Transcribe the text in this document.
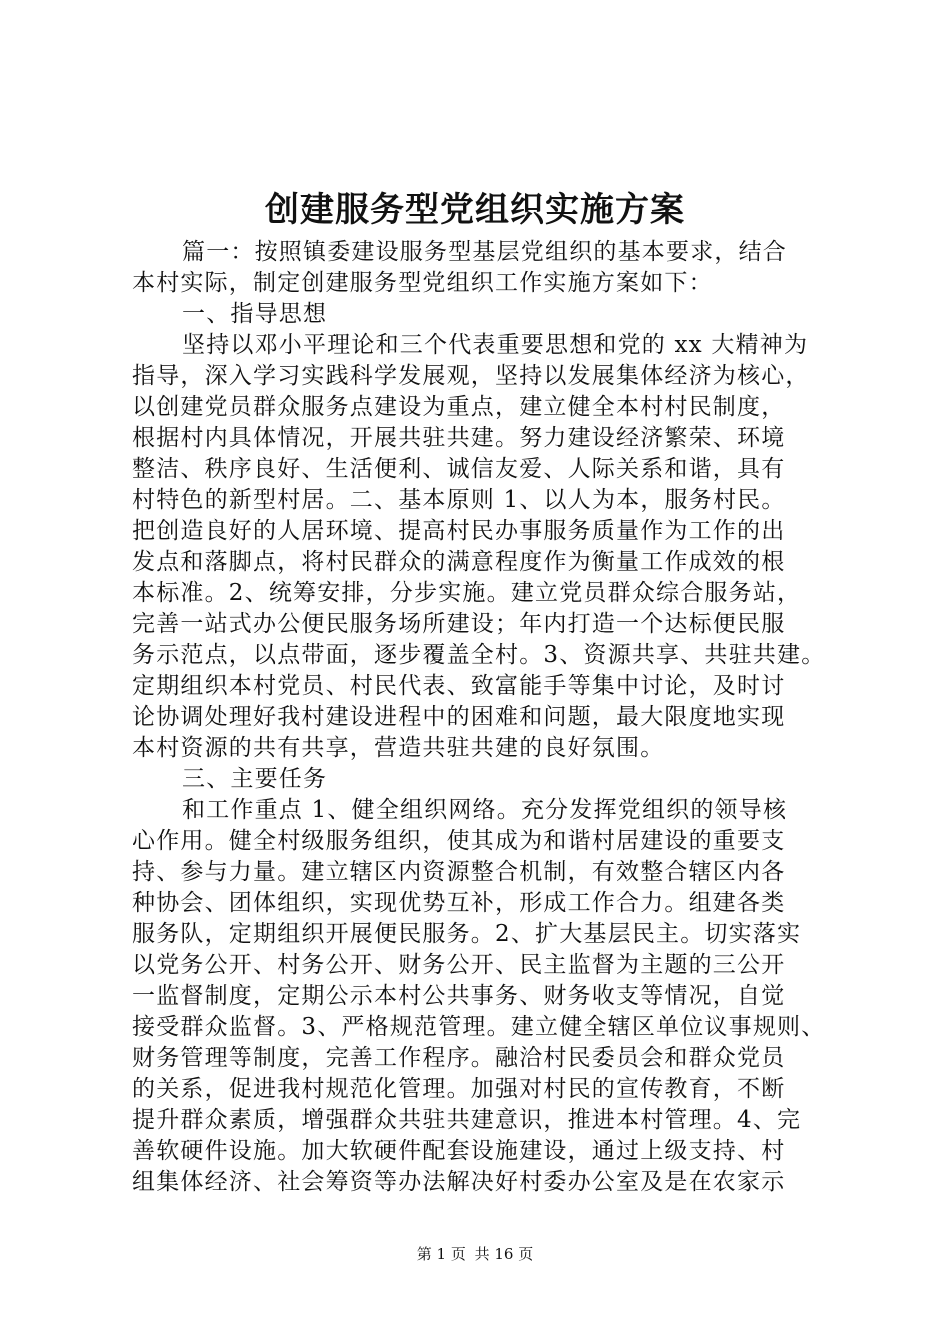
创建服务型党组织实施方案
篇一：按照镇委建设服务型基层党组织的基本要求，结合
本村实际，制定创建服务型党组织工作实施方案如下：
一、指导思想
坚持以邓小平理论和三个代表重要思想和党的 xx 大精神为
指导，深入学习实践科学发展观，坚持以发展集体经济为核心，
以创建党员群众服务点建设为重点，建立健全本村村民制度，
根据村内具体情况，开展共驻共建。努力建设经济繁荣、环境
整洁、秩序良好、生活便利、诚信友爱、人际关系和谐，具有
村特色的新型村居。二、基本原则 1、以人为本，服务村民。
把创造良好的人居环境、提高村民办事服务质量作为工作的出
发点和落脚点，将村民群众的满意程度作为衡量工作成效的根
本标准。2、统筹安排，分步实施。建立党员群众综合服务站，
完善一站式办公便民服务场所建设；年内打造一个达标便民服
务示范点，以点带面，逐步覆盖全村。3、资源共享、共驻共建。
定期组织本村党员、村民代表、致富能手等集中讨论，及时讨
论协调处理好我村建设进程中的困难和问题，最大限度地实现
本村资源的共有共享，营造共驻共建的良好氛围。
三、主要任务
和工作重点 1、健全组织网络。充分发挥党组织的领导核
心作用。健全村级服务组织，使其成为和谐村居建设的重要支
持、参与力量。建立辖区内资源整合机制，有效整合辖区内各
种协会、团体组织，实现优势互补，形成工作合力。组建各类
服务队，定期组织开展便民服务。2、扩大基层民主。切实落实
以党务公开、村务公开、财务公开、民主监督为主题的三公开
一监督制度，定期公示本村公共事务、财务收支等情况，自觉
接受群众监督。3、严格规范管理。建立健全辖区单位议事规则、
财务管理等制度，完善工作程序。融洽村民委员会和群众党员
的关系，促进我村规范化管理。加强对村民的宣传教育，不断
提升群众素质，增强群众共驻共建意识，推进本村管理。4、完
善软硬件设施。加大软硬件配套设施建设，通过上级支持、村
组集体经济、社会筹资等办法解决好村委办公室及是在农家示
第 1 页 共 16 页
